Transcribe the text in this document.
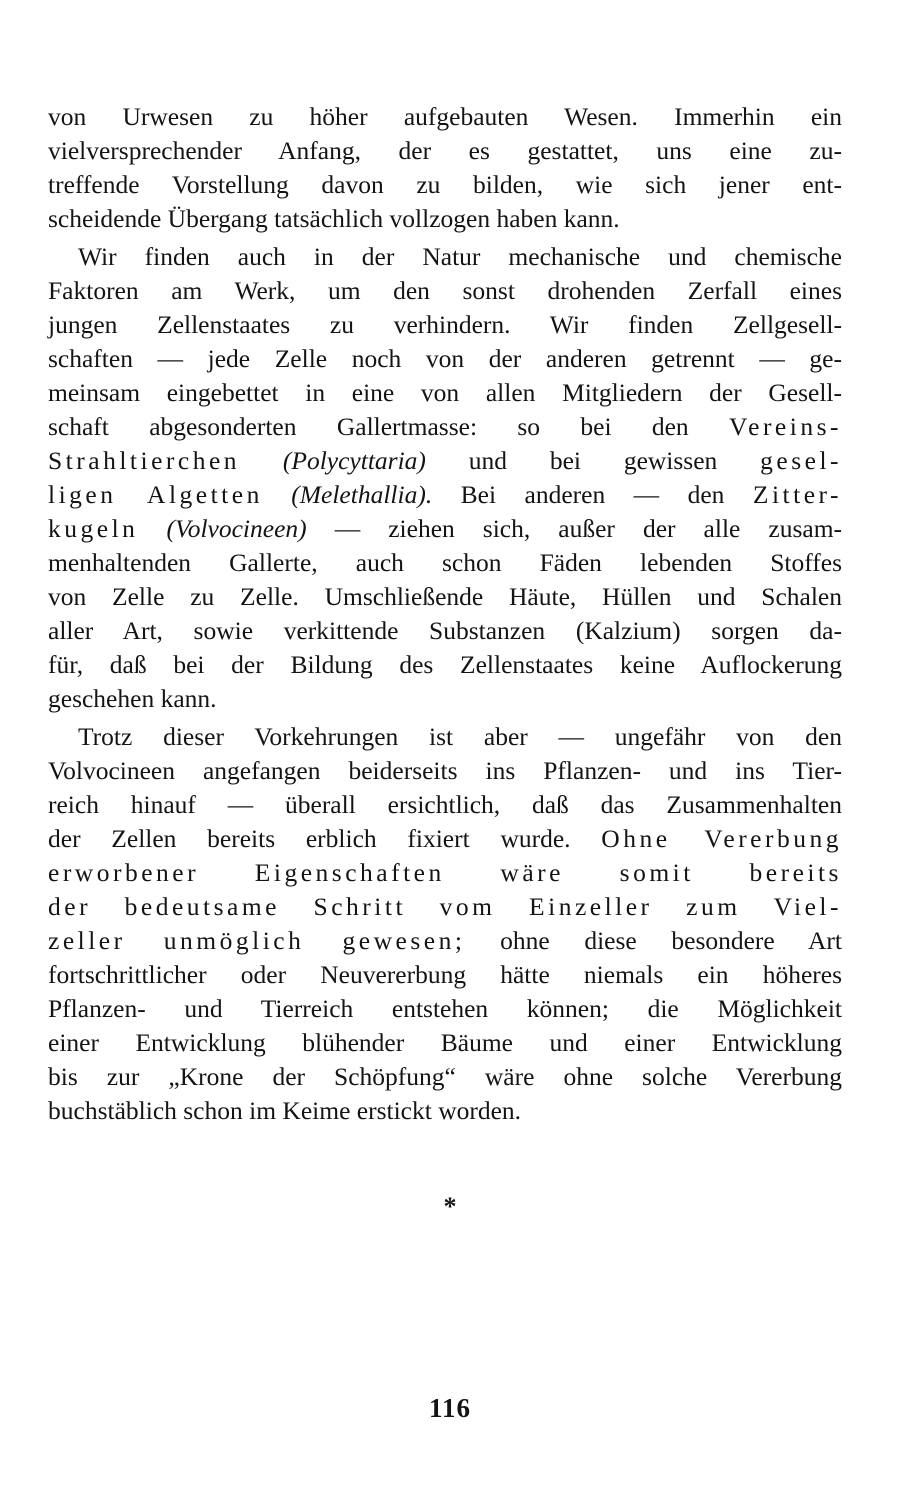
von Urwesen zu höher aufgebauten Wesen. Immerhin ein
vielversprechender Anfang, der es gestattet, uns eine zu-
treffende Vorstellung davon zu bilden, wie sich jener ent-
scheidende Übergang tatsächlich vollzogen haben kann.
Wir finden auch in der Natur mechanische und chemische
Faktoren am Werk, um den sonst drohenden Zerfall eines
jungen Zellenstaates zu verhindern. Wir finden Zellgesell-
schaften — jede Zelle noch von der anderen getrennt — ge-
meinsam eingebettet in eine von allen Mitgliedern der Gesell-
schaft abgesonderten Gallertmasse: so bei den Vereins-
Strahltierchen (Polycyttaria) und bei gewissen gesel-
ligen Algetten (Melethallia). Bei anderen — den Zitter-
kugeln (Volvocineen) — ziehen sich, außer der alle zusam-
menhaltenden Gallerte, auch schon Fäden lebenden Stoffes
von Zelle zu Zelle. Umschließende Häute, Hüllen und Schalen
aller Art, sowie verkittende Substanzen (Kalzium) sorgen da-
für, daß bei der Bildung des Zellenstaates keine Auflockerung
geschehen kann.
Trotz dieser Vorkehrungen ist aber — ungefähr von den
Volvocineen angefangen beiderseits ins Pflanzen- und ins Tier-
reich hinauf — überall ersichtlich, daß das Zusammenhalten
der Zellen bereits erblich fixiert wurde. Ohne Vererbung
erworbener Eigenschaften wäre somit bereits
der bedeutsame Schritt vom Einzeller zum Viel-
zeller unmöglich gewesen; ohne diese besondere Art
fortschrittlicher oder Neuvererbung hätte niemals ein höheres
Pflanzen- und Tierreich entstehen können; die Möglichkeit
einer Entwicklung blühender Bäume und einer Entwicklung
bis zur „Krone der Schöpfung“ wäre ohne solche Vererbung
buchstäblich schon im Keime erstickt worden.
*
116
